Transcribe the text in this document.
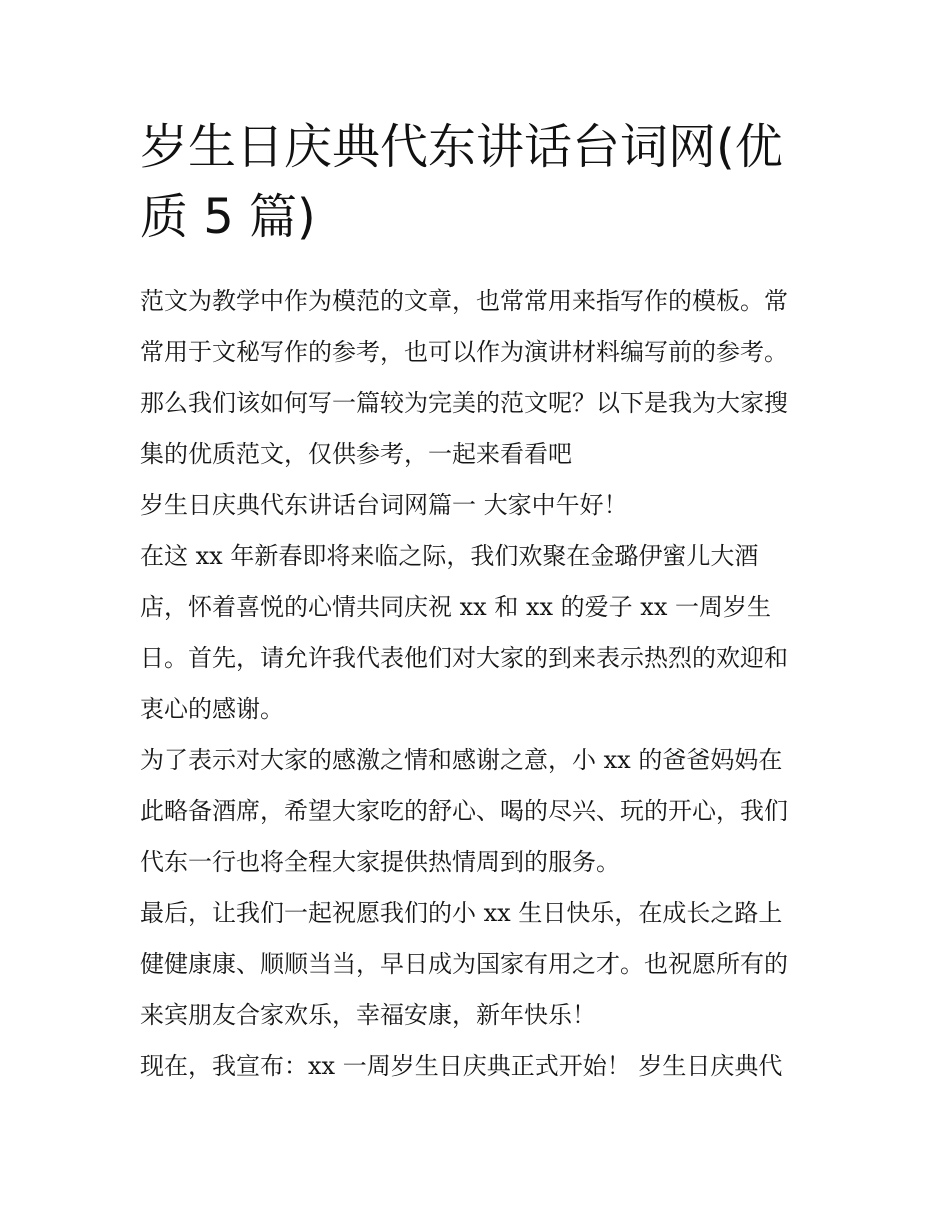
岁生日庆典代东讲话台词网(优
质 5 篇)
范文为教学中作为模范的文章，也常常用来指写作的模板。常
常用于文秘写作的参考，也可以作为演讲材料编写前的参考。
那么我们该如何写一篇较为完美的范文呢？以下是我为大家搜
集的优质范文，仅供参考，一起来看看吧
岁生日庆典代东讲话台词网篇一 大家中午好！
在这 xx 年新春即将来临之际，我们欢聚在金璐伊蜜儿大酒
店，怀着喜悦的心情共同庆祝 xx 和 xx 的爱子 xx 一周岁生
日。首先，请允许我代表他们对大家的到来表示热烈的欢迎和
衷心的感谢。
为了表示对大家的感激之情和感谢之意，小 xx 的爸爸妈妈在
此略备酒席，希望大家吃的舒心、喝的尽兴、玩的开心，我们
代东一行也将全程大家提供热情周到的服务。
最后，让我们一起祝愿我们的小 xx 生日快乐，在成长之路上
健健康康、顺顺当当，早日成为国家有用之才。也祝愿所有的
来宾朋友合家欢乐，幸福安康，新年快乐！
现在，我宣布：xx 一周岁生日庆典正式开始！ 岁生日庆典代
